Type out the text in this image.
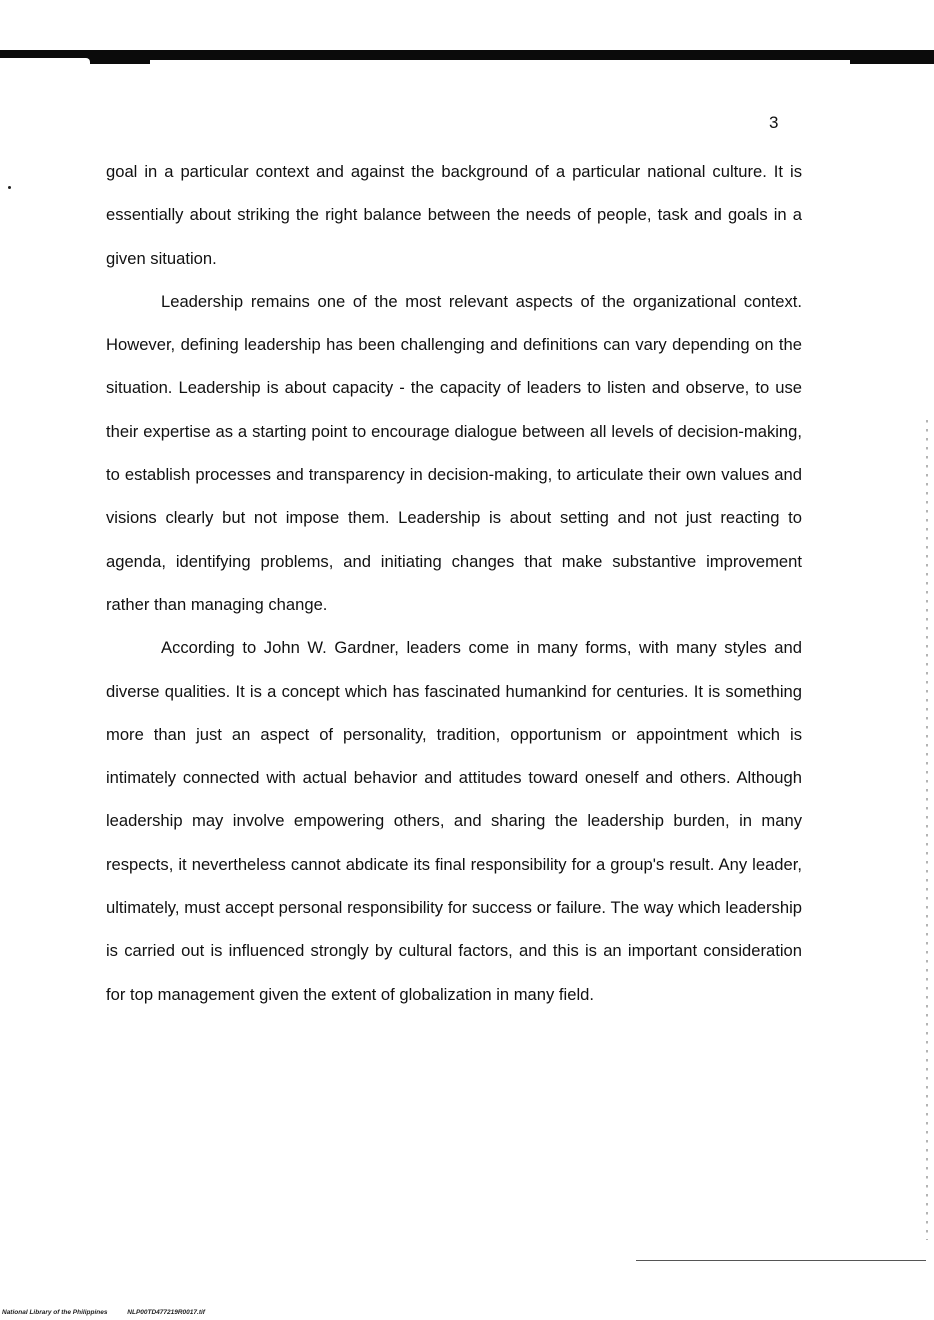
3

goal in a particular context and against the background of a particular national culture. It is essentially about striking the right balance between the needs of people, task and goals in a given situation.

Leadership remains one of the most relevant aspects of the organizational context. However, defining leadership has been challenging and definitions can vary depending on the situation. Leadership is about capacity - the capacity of leaders to listen and observe, to use their expertise as a starting point to encourage dialogue between all levels of decision-making, to establish processes and transparency in decision-making, to articulate their own values and visions clearly but not impose them. Leadership is about setting and not just reacting to agenda, identifying problems, and initiating changes that make substantive improvement rather than managing change.

According to John W. Gardner, leaders come in many forms, with many styles and diverse qualities. It is a concept which has fascinated humankind for centuries. It is something more than just an aspect of personality, tradition, opportunism or appointment which is intimately connected with actual behavior and attitudes toward oneself and others. Although leadership may involve empowering others, and sharing the leadership burden, in many respects, it nevertheless cannot abdicate its final responsibility for a group's result. Any leader, ultimately, must accept personal responsibility for success or failure. The way which leadership is carried out is influenced strongly by cultural factors, and this is an important consideration for top management given the extent of globalization in many field.

National Library of the Philippines	NLP00TD477219R0017.tif
